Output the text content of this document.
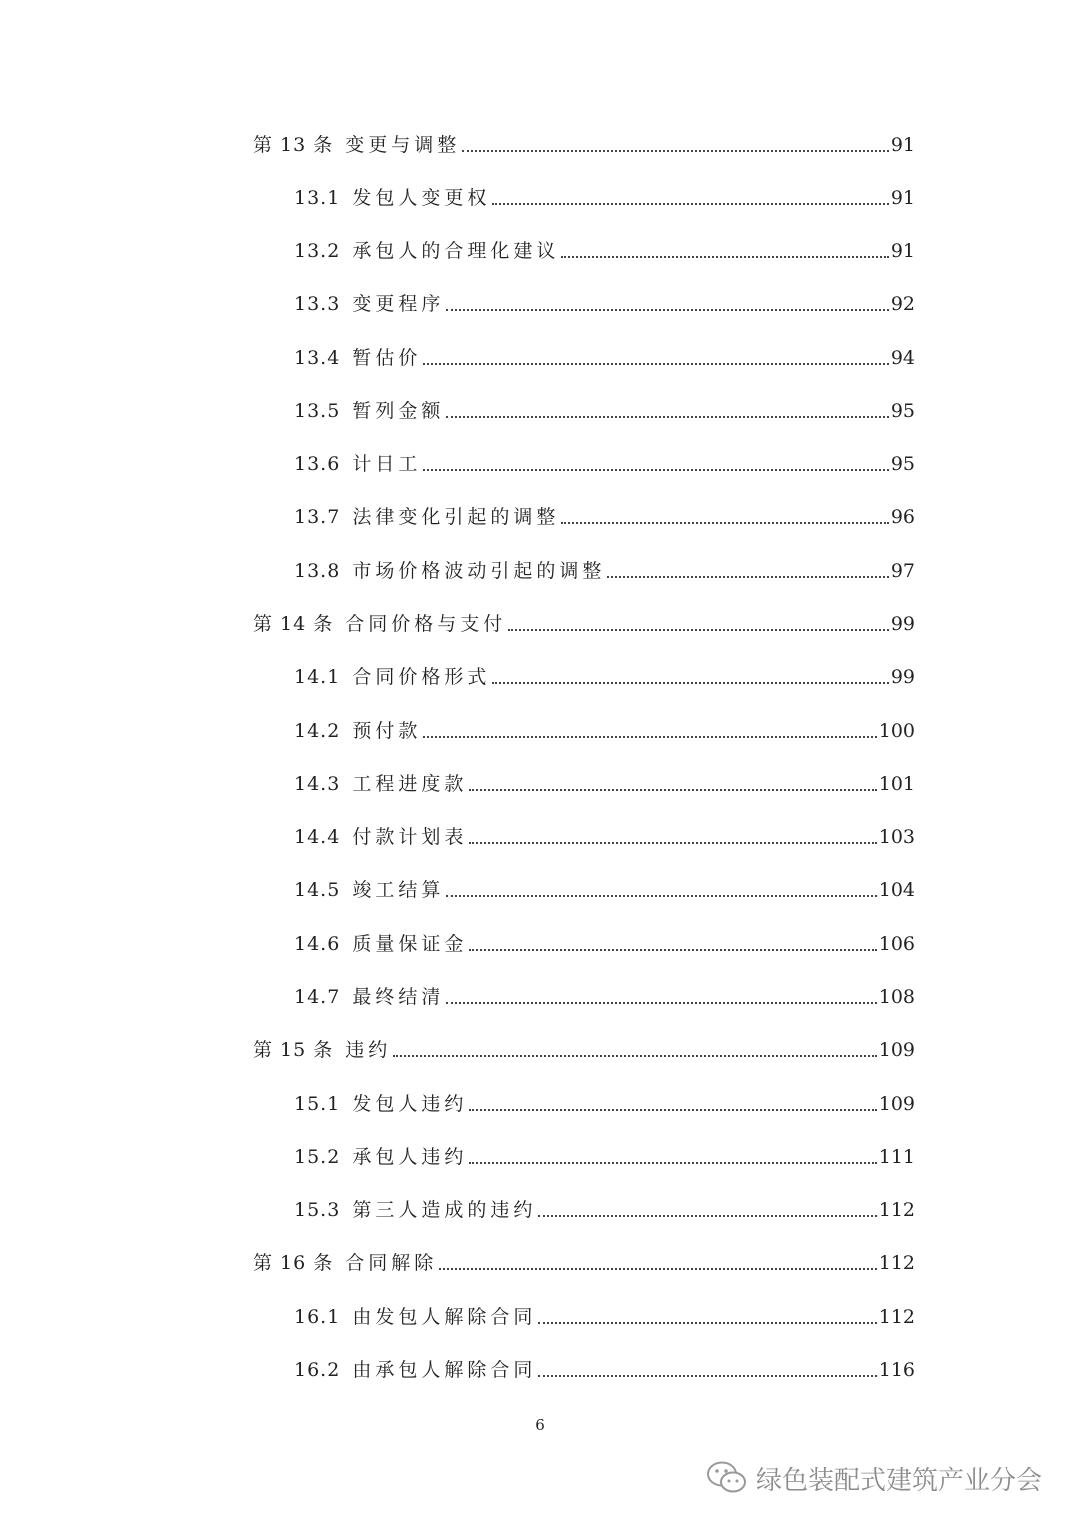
第 13 条 变更与调整	91
13.1 发包人变更权	91
13.2 承包人的合理化建议	91
13.3 变更程序	92
13.4 暂估价	94
13.5 暂列金额	95
13.6 计日工	95
13.7 法律变化引起的调整	96
13.8 市场价格波动引起的调整	97
第 14 条 合同价格与支付	99
14.1 合同价格形式	99
14.2 预付款	100
14.3 工程进度款	101
14.4 付款计划表	103
14.5 竣工结算	104
14.6 质量保证金	106
14.7 最终结清	108
第 15 条 违约	109
15.1 发包人违约	109
15.2 承包人违约	111
15.3 第三人造成的违约	112
第 16 条 合同解除	112
16.1 由发包人解除合同	112
16.2 由承包人解除合同	116
6
绿色装配式建筑产业分会
